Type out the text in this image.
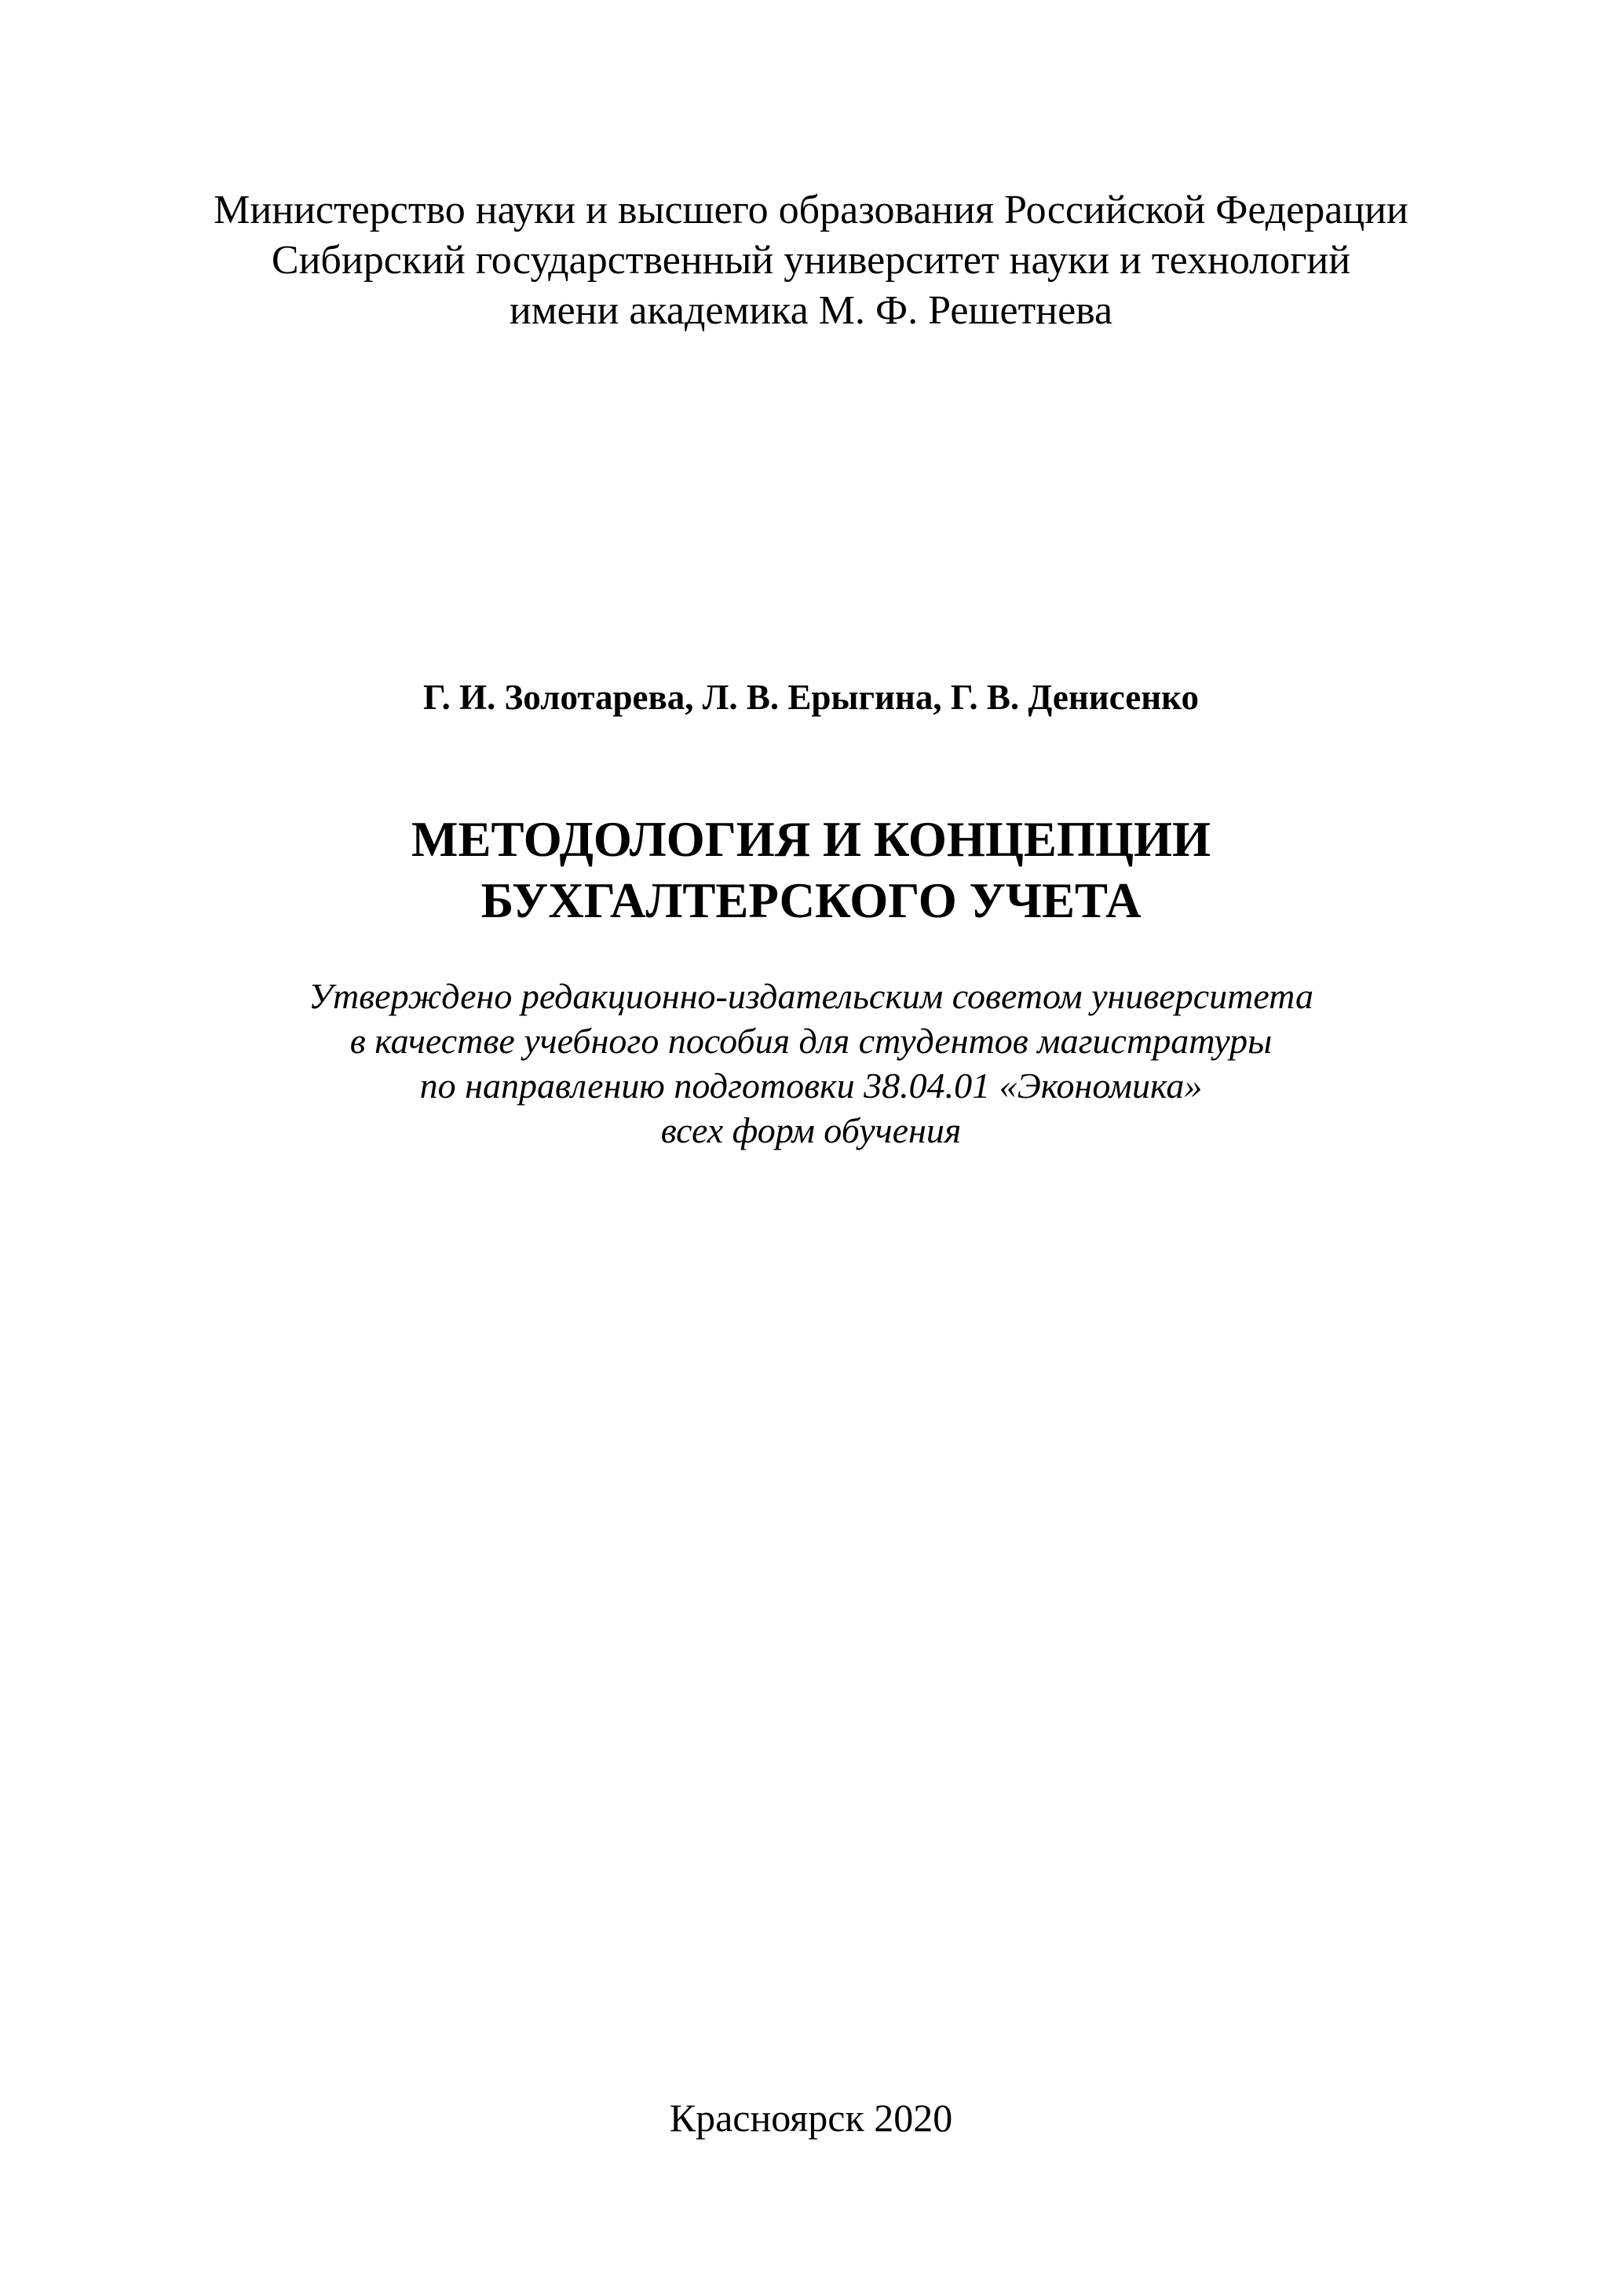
Министерство науки и высшего образования Российской Федерации
Сибирский государственный университет науки и технологий
имени академика М. Ф. Решетнева
Г. И. Золотарева, Л. В. Ерыгина, Г. В. Денисенко
МЕТОДОЛОГИЯ И КОНЦЕПЦИИ
БУХГАЛТЕРСКОГО УЧЕТА
Утверждено редакционно-издательским советом университета
в качестве учебного пособия для студентов магистратуры
по направлению подготовки 38.04.01 «Экономика»
всех форм обучения
Красноярск 2020
